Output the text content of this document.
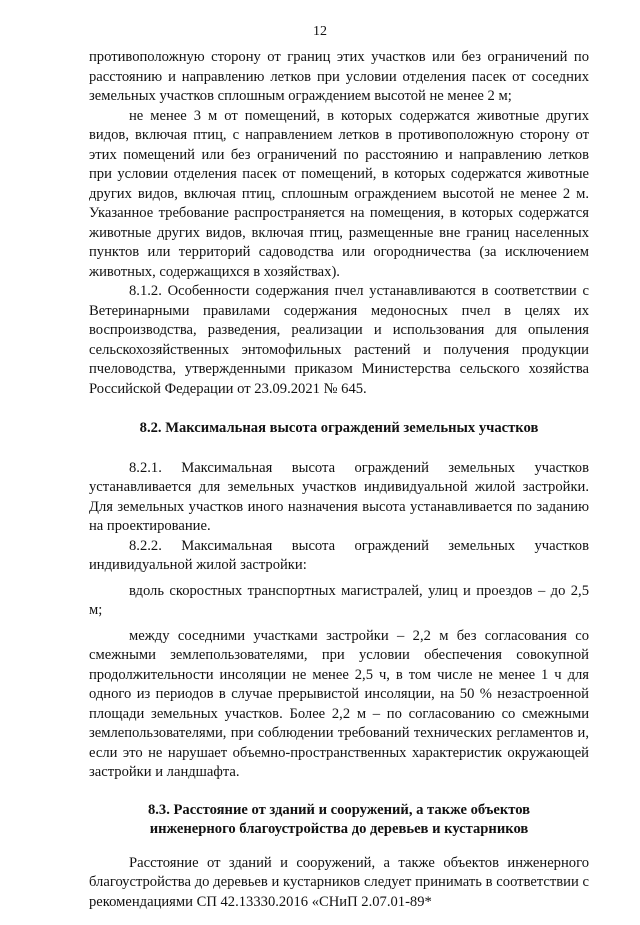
12

противоположную сторону от границ этих участков или без ограничений по расстоянию и направлению летков при условии отделения пасек от соседних земельных участков сплошным ограждением высотой не менее 2 м;

не менее 3 м от помещений, в которых содержатся животные других видов, включая птиц, с направлением летков в противоположную сторону от этих помещений или без ограничений по расстоянию и направлению летков при условии отделения пасек от помещений, в которых содержатся животные других видов, включая птиц, сплошным ограждением высотой не менее 2 м. Указанное требование распространяется на помещения, в которых содержатся животные других видов, включая птиц, размещенные вне границ населенных пунктов или территорий садоводства или огородничества (за исключением животных, содержащихся в хозяйствах).

8.1.2. Особенности содержания пчел устанавливаются в соответствии с Ветеринарными правилами содержания медоносных пчел в целях их воспроизводства, разведения, реализации и использования для опыления сельскохозяйственных энтомофильных растений и получения продукции пчеловодства, утвержденными приказом Министерства сельского хозяйства Российской Федерации от 23.09.2021 № 645.

8.2. Максимальная высота ограждений земельных участков

8.2.1. Максимальная высота ограждений земельных участков устанавливается для земельных участков индивидуальной жилой застройки. Для земельных участков иного назначения высота устанавливается по заданию на проектирование.

8.2.2. Максимальная высота ограждений земельных участков индивидуальной жилой застройки:

вдоль скоростных транспортных магистралей, улиц и проездов – до 2,5 м;

между соседними участками застройки – 2,2 м без согласования со смежными землепользователями, при условии обеспечения совокупной продолжительности инсоляции не менее 2,5 ч, в том числе не менее 1 ч для одного из периодов в случае прерывистой инсоляции, на 50 % незастроенной площади земельных участков. Более 2,2 м – по согласованию со смежными землепользователями, при соблюдении требований технических регламентов и, если это не нарушает объемно-пространственных характеристик окружающей застройки и ландшафта.

8.3. Расстояние от зданий и сооружений, а также объектов
инженерного благоустройства до деревьев и кустарников

Расстояние от зданий и сооружений, а также объектов инженерного благоустройства до деревьев и кустарников следует принимать в соответствии с рекомендациями СП 42.13330.2016 «СНиП 2.07.01-89*
